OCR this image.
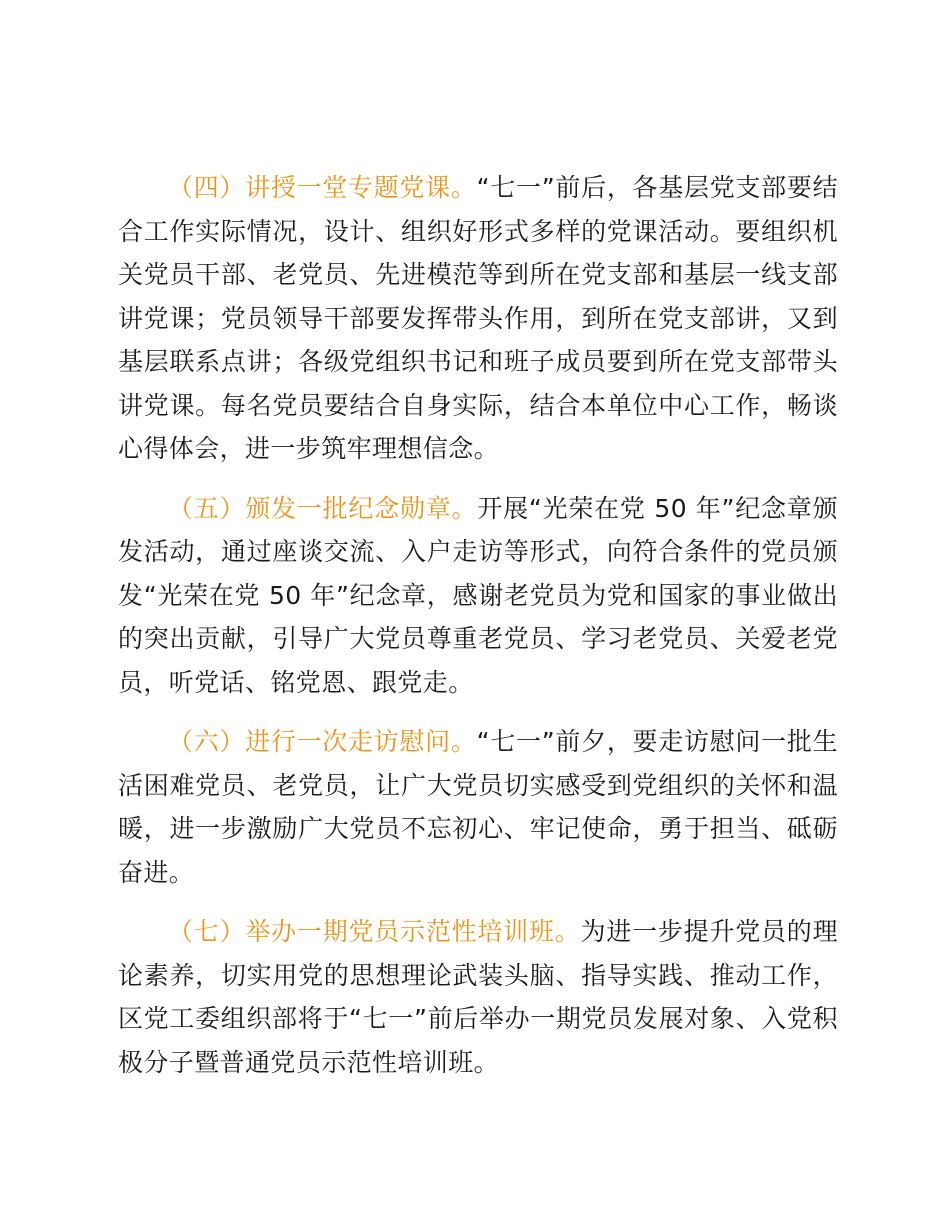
（四）讲授一堂专题党课。“七一”前后，各基层党支部要结合工作实际情况，设计、组织好形式多样的党课活动。要组织机关党员干部、老党员、先进模范等到所在党支部和基层一线支部讲党课；党员领导干部要发挥带头作用，到所在党支部讲，又到基层联系点讲；各级党组织书记和班子成员要到所在党支部带头讲党课。每名党员要结合自身实际，结合本单位中心工作，畅谈心得体会，进一步筑牢理想信念。

（五）颁发一批纪念勋章。开展“光荣在党 50 年”纪念章颁发活动，通过座谈交流、入户走访等形式，向符合条件的党员颁发“光荣在党 50 年”纪念章，感谢老党员为党和国家的事业做出的突出贡献，引导广大党员尊重老党员、学习老党员、关爱老党员，听党话、铭党恩、跟党走。

（六）进行一次走访慰问。“七一”前夕，要走访慰问一批生活困难党员、老党员，让广大党员切实感受到党组织的关怀和温暖，进一步激励广大党员不忘初心、牢记使命，勇于担当、砥砺奋进。

（七）举办一期党员示范性培训班。为进一步提升党员的理论素养，切实用党的思想理论武装头脑、指导实践、推动工作，区党工委组织部将于“七一”前后举办一期党员发展对象、入党积极分子暨普通党员示范性培训班。
